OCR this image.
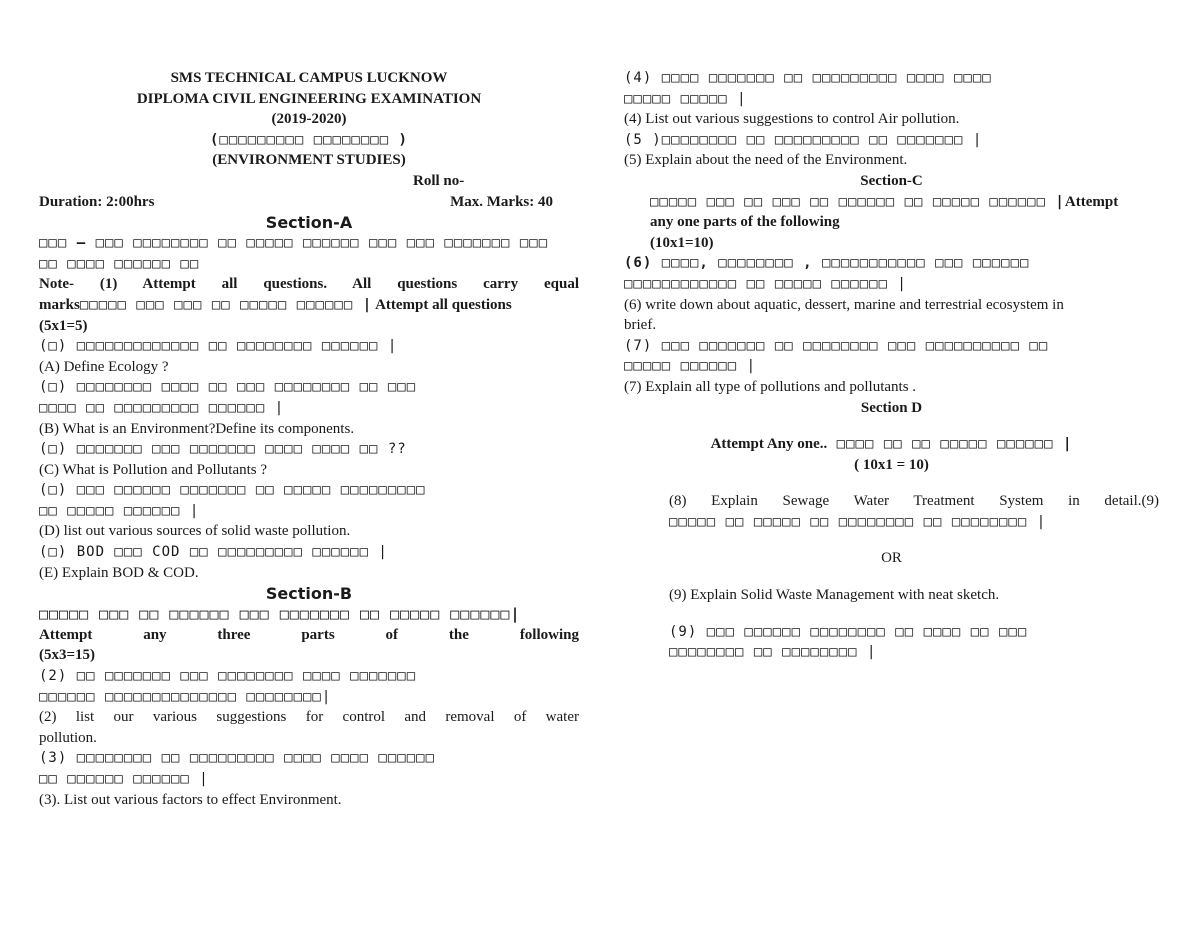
SMS TECHNICAL CAMPUS LUCKNOW
DIPLOMA CIVIL ENGINEERING EXAMINATION
(2019-2020)
(□□□□□□□□□ □□□□□□□□ )
(ENVIRONMENT STUDIES)
Roll no-
Duration: 2:00hrs	Max. Marks: 40
Section-A
□□□ – □□□ □□□□□□□□ □□ □□□□□ □□□□□□ □□□ □□□ □□□□□□□ □□□
□□ □□□□ □□□□□□ □□
Note- (1) Attempt all questions. All questions carry equal
marks□□□□□ □□□ □□□ □□ □□□□□ □□□□□□ | Attempt all questions
(5x1=5)
(□) □□□□□□□□□□□□□ □□ □□□□□□□□ □□□□□□ |
(A) Define Ecology ?
(□) □□□□□□□□ □□□□ □□ □□□ □□□□□□□□ □□ □□□
□□□□ □□ □□□□□□□□□ □□□□□□ |
(B) What is an Environment?Define its components.
(□) □□□□□□□ □□□ □□□□□□□ □□□□ □□□□ □□ ??
(C) What is Pollution and Pollutants ?
(□) □□□ □□□□□□ □□□□□□□ □□ □□□□□ □□□□□□□□□
□□ □□□□□ □□□□□□ |
(D) list out various sources of solid waste pollution.
(□) BOD □□□ COD □□ □□□□□□□□□ □□□□□□ |
(E) Explain BOD & COD.
Section-B
□□□□□ □□□ □□ □□□□□□ □□□ □□□□□□□ □□ □□□□□ □□□□□□|
Attempt any three parts of the following
(5x3=15)
(2) □□ □□□□□□□ □□□ □□□□□□□□ □□□□ □□□□□□□
□□□□□□ □□□□□□□□□□□□□□ □□□□□□□□|
(2) list our various suggestions for control and removal of water
pollution.
(3) □□□□□□□□ □□ □□□□□□□□□ □□□□ □□□□ □□□□□□
□□ □□□□□□ □□□□□□ |
(3). List out various factors to effect Environment.
(4) □□□□ □□□□□□□ □□ □□□□□□□□□ □□□□ □□□□
□□□□□ □□□□□ |
(4) List out various suggestions to control Air pollution.
(5 )□□□□□□□□ □□ □□□□□□□□□ □□ □□□□□□□ |
(5) Explain about the need of the Environment.
Section-C
□□□□□ □□□ □□ □□□ □□ □□□□□□ □□ □□□□□ □□□□□□ |Attempt
any one parts of the following
(10x1=10)
(6) □□□□, □□□□□□□□ , □□□□□□□□□□□ □□□ □□□□□□
□□□□□□□□□□□□ □□ □□□□□ □□□□□□ |
(6) write down about aquatic, dessert, marine and terrestrial ecosystem in
brief.
(7) □□□ □□□□□□□ □□ □□□□□□□□ □□□ □□□□□□□□□□ □□
□□□□□ □□□□□□ |
(7) Explain all type of pollutions and pollutants .
Section D
Attempt Any one.. □□□□ □□ □□ □□□□□ □□□□□□ |
( 10x1 = 10)
(8) Explain Sewage Water Treatment System in detail.(9)
□□□□□ □□ □□□□□ □□ □□□□□□□□ □□ □□□□□□□□ |
OR
(9) Explain Solid Waste Management with neat sketch.
(9) □□□ □□□□□□ □□□□□□□□ □□ □□□□ □□ □□□
□□□□□□□□ □□ □□□□□□□□ |
